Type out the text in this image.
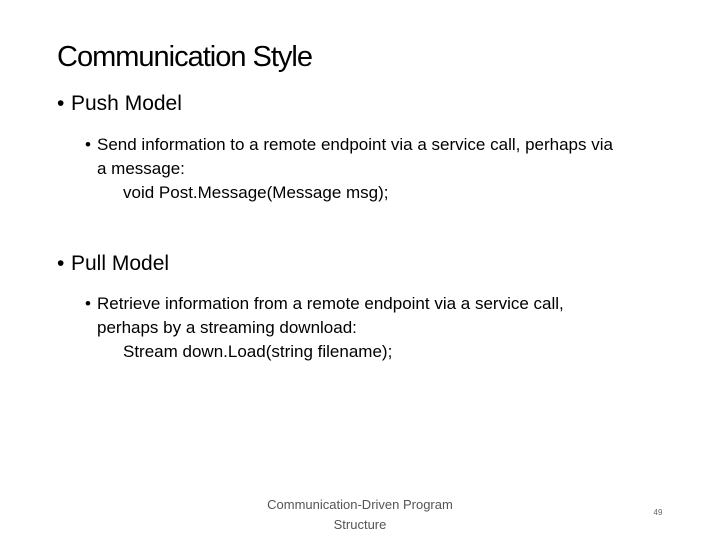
Communication Style
• Push Model
• Send information to a remote endpoint via a service call, perhaps via
a message:
void Post.Message(Message msg);
• Pull Model
• Retrieve information from a remote endpoint via a service call,
perhaps by a streaming download:
Stream down.Load(string filename);
Communication-Driven Program
Structure
49
